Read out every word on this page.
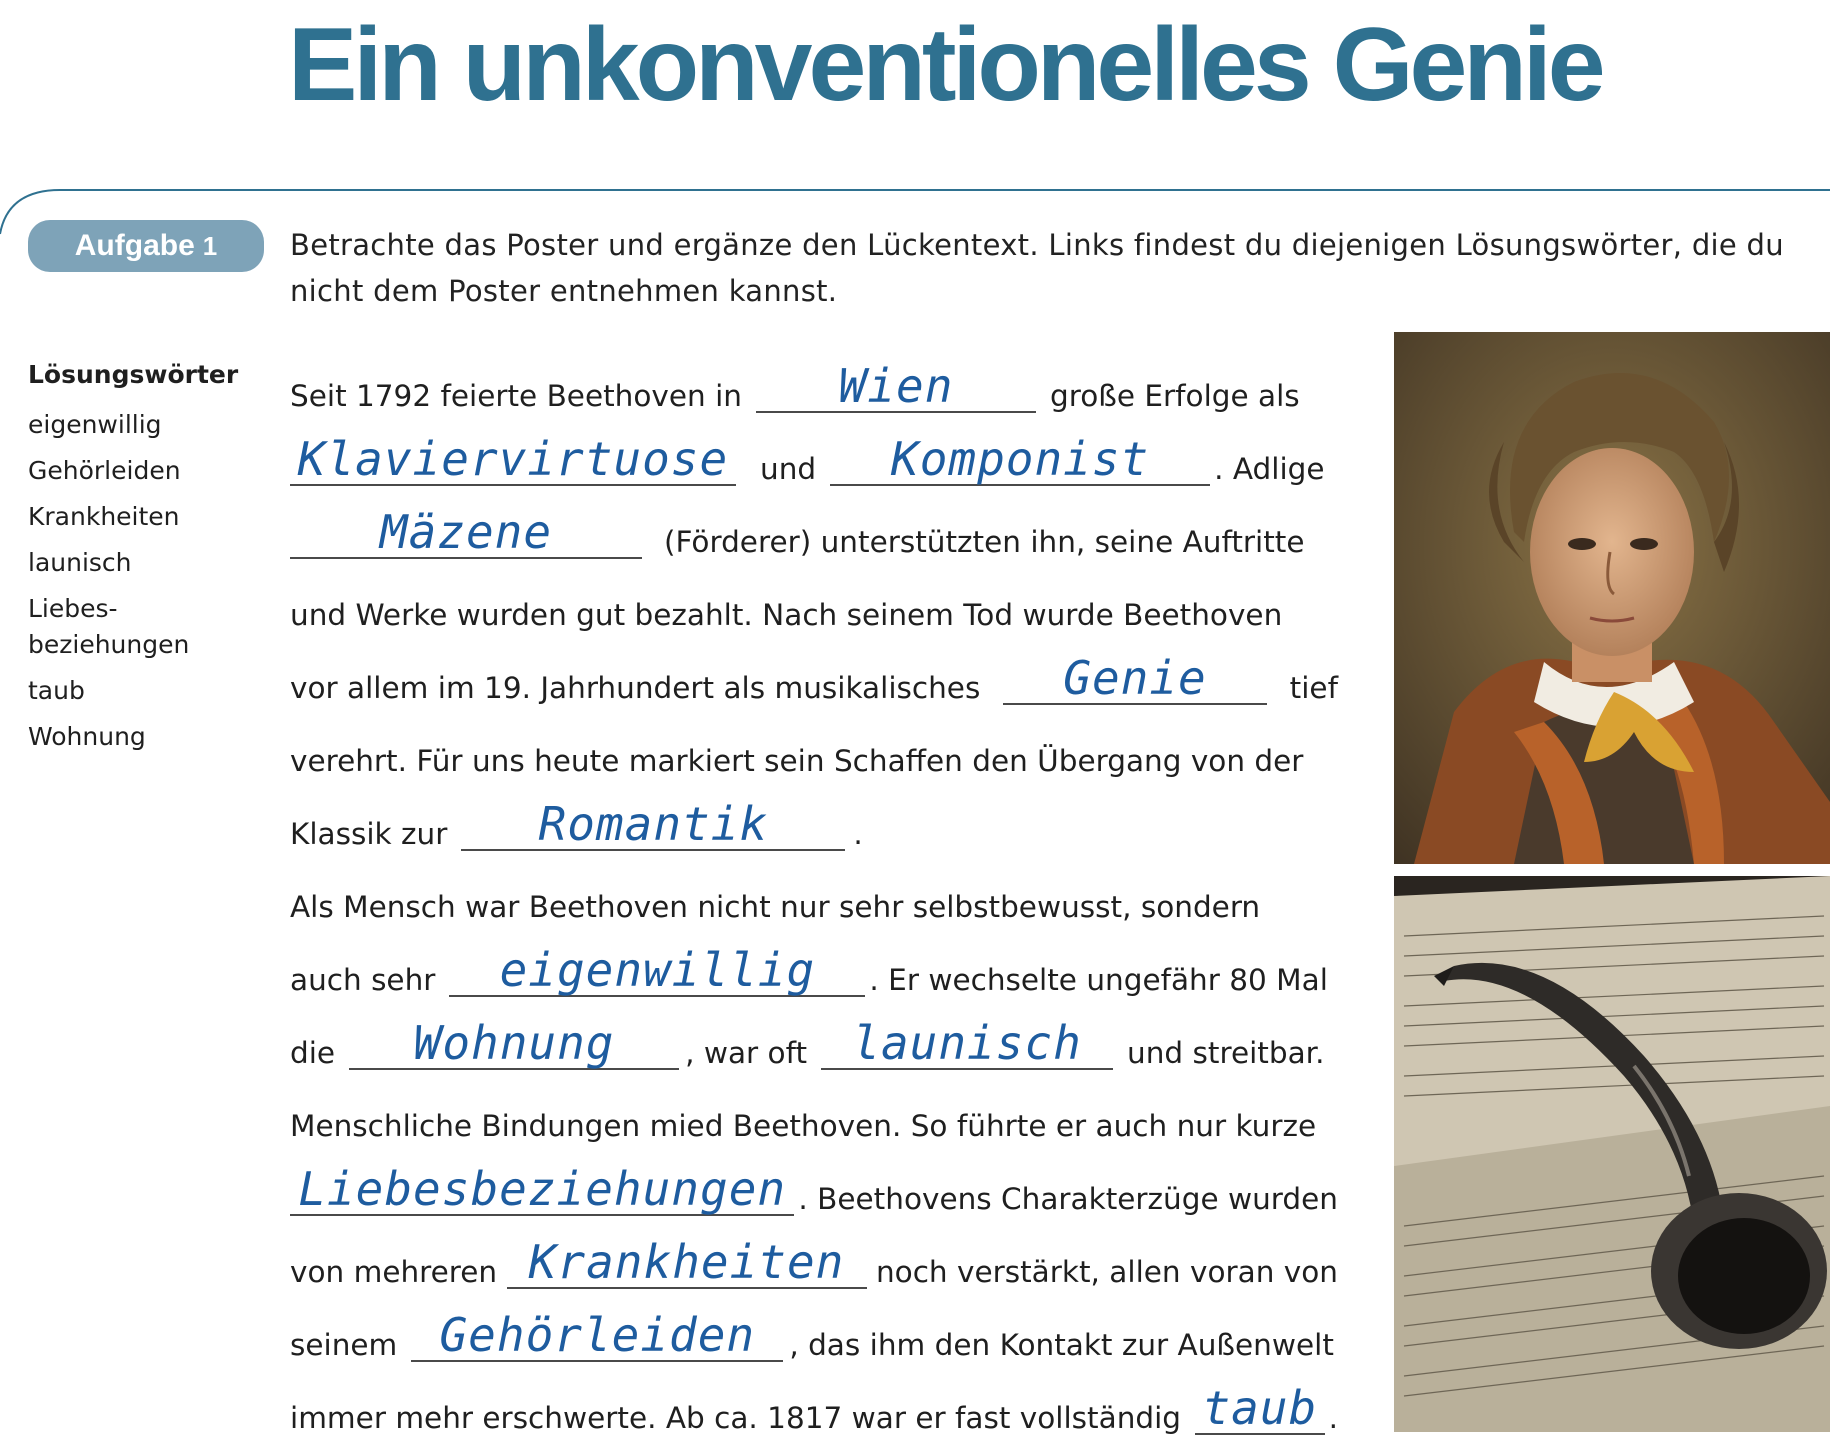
Ein unkonventionelles Genie
Aufgabe 1	Betrachte das Poster und ergänze den Lückentext. Links findest du diejenigen Lösungswörter, die du nicht dem Poster entnehmen kannst.
Lösungswörter
eigenwillig
Gehörleiden
Krankheiten
launisch
Liebes-
beziehungen
taub
Wohnung
Seit 1792 feierte Beethoven in	Wien	große Erfolge als
Klaviervirtuose und	Komponist	. Adlige
Mäzene	(Förderer) unterstützten ihn, seine Auftritte
und Werke wurden gut bezahlt. Nach seinem Tod wurde Beethoven
vor allem im 19. Jahrhundert als musikalisches	Genie	tief
verehrt. Für uns heute markiert sein Schaffen den Übergang von der
Klassik zur	Romantik	.
Als Mensch war Beethoven nicht nur sehr selbstbewusst, sondern
auch sehr	eigenwillig	. Er wechselte ungefähr 80 Mal
die	Wohnung	, war oft launisch	und streitbar.
Menschliche Bindungen mied Beethoven. So führte er auch nur kurze
Liebesbeziehungen . Beethovens Charakterzüge wurden
von mehreren Krankheiten	noch verstärkt, allen voran von
seinem Gehörleiden	, das ihm den Kontakt zur Außenwelt
immer mehr erschwerte. Ab ca. 1817 war er fast vollständig taub .
